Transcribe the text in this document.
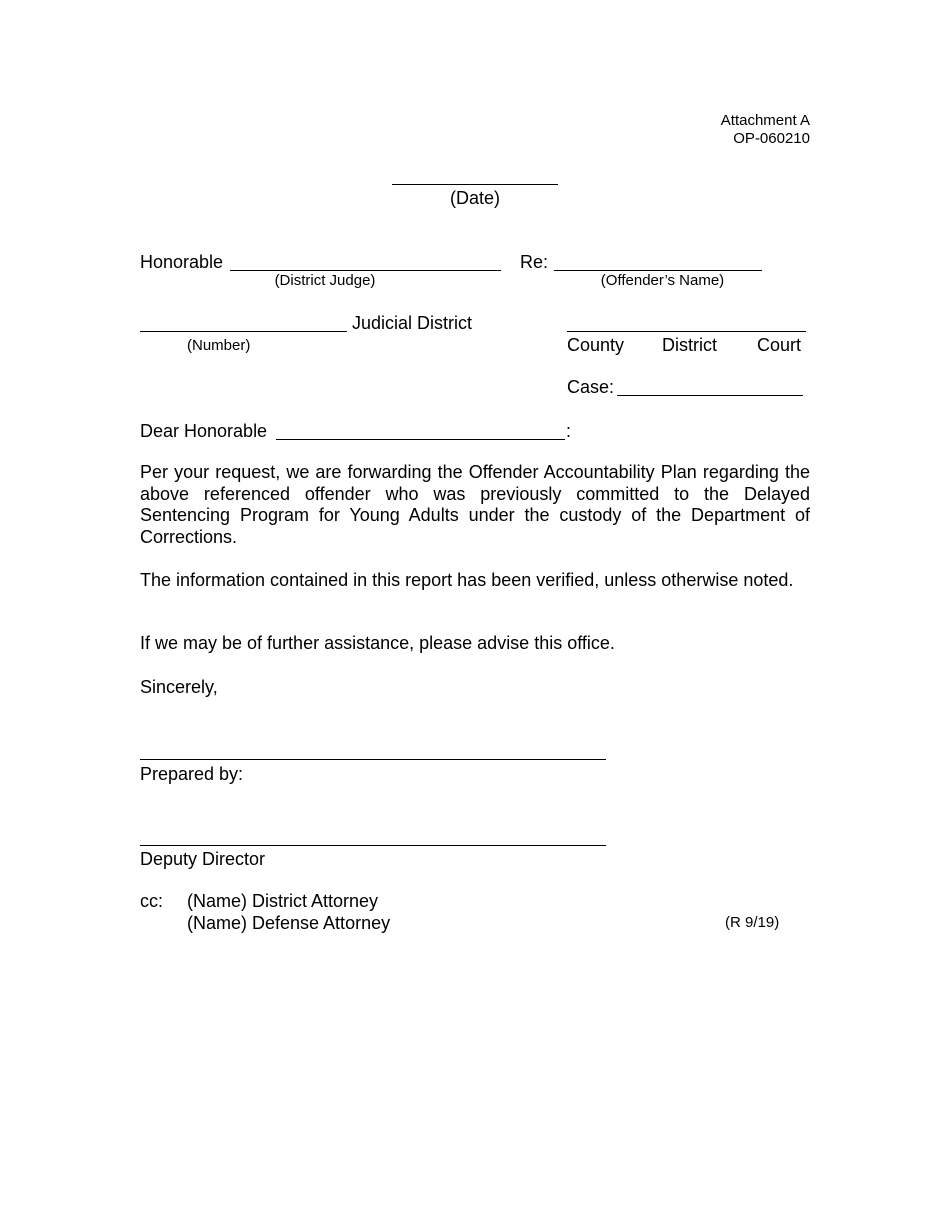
Attachment A
OP-060210
(Date)
Honorable
(District Judge)
Re:
(Offender’s Name)
Judicial District
(Number)	County District Court
Case:
Dear Honorable	:
Per your request, we are forwarding the Offender Accountability Plan regarding the above referenced offender who was previously committed to the Delayed Sentencing Program for Young Adults under the custody of the Department of Corrections.
The information contained in this report has been verified, unless otherwise noted.
If we may be of further assistance, please advise this office.
Sincerely,
Prepared by:
Deputy Director
cc: (Name) District Attorney
(Name) Defense Attorney	(R 9/19)
